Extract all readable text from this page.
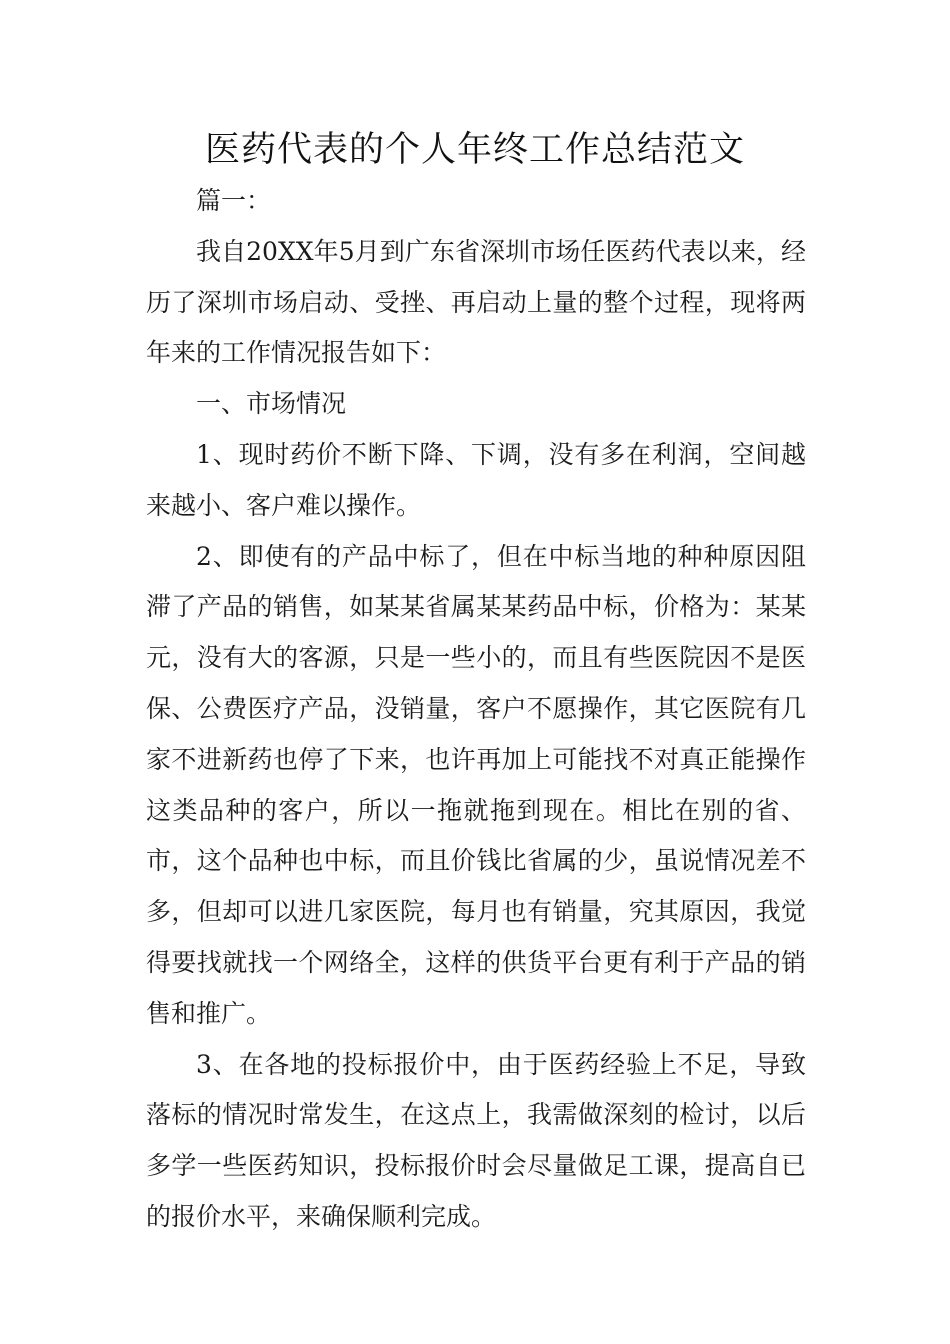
医药代表的个人年终工作总结范文

篇一：

我自20XX年5月到广东省深圳市场任医药代表以来，经历了深圳市场启动、受挫、再启动上量的整个过程，现将两年来的工作情况报告如下：

一、市场情况

1、现时药价不断下降、下调，没有多在利润，空间越来越小、客户难以操作。

2、即使有的产品中标了，但在中标当地的种种原因阻滞了产品的销售，如某某省属某某药品中标，价格为：某某元，没有大的客源，只是一些小的，而且有些医院因不是医保、公费医疗产品，没销量，客户不愿操作，其它医院有几家不进新药也停了下来，也许再加上可能找不对真正能操作这类品种的客户，所以一拖就拖到现在。相比在别的省、市，这个品种也中标，而且价钱比省属的少，虽说情况差不多，但却可以进几家医院，每月也有销量，究其原因，我觉得要找就找一个网络全，这样的供货平台更有利于产品的销售和推广。

3、在各地的投标报价中，由于医药经验上不足，导致落标的情况时常发生，在这点上，我需做深刻的检讨，以后多学一些医药知识，投标报价时会尽量做足工课，提高自已的报价水平，来确保顺利完成。
